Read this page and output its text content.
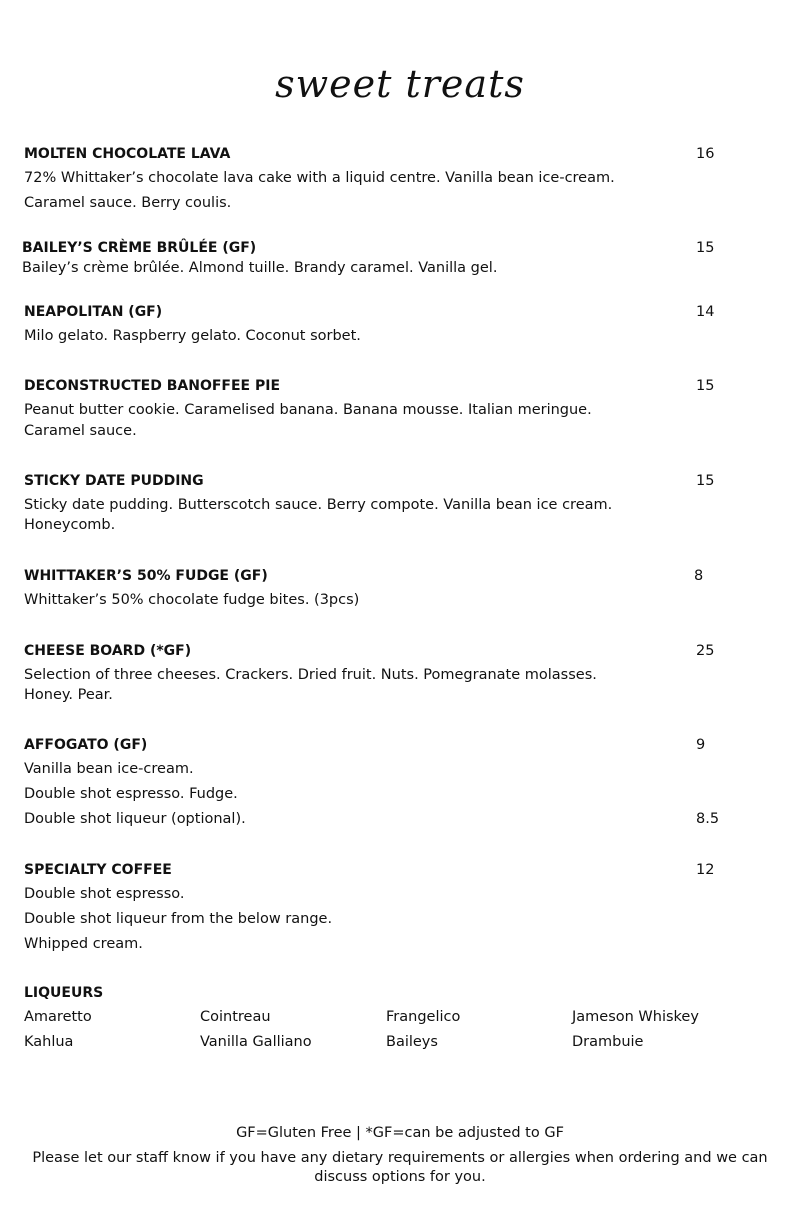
sweet treats
MOLTEN CHOCOLATE LAVA	16
72% Whittaker’s chocolate lava cake with a liquid centre. Vanilla bean ice-cream.
Caramel sauce. Berry coulis.
BAILEY’S CRÈME BRÛLÉE (GF)	15
Bailey’s crème brûlée. Almond tuille. Brandy caramel. Vanilla gel.
NEAPOLITAN (GF)	14
Milo gelato. Raspberry gelato. Coconut sorbet.
DECONSTRUCTED BANOFFEE PIE	15
Peanut butter cookie. Caramelised banana. Banana mousse. Italian meringue.
Caramel sauce.
STICKY DATE PUDDING	15
Sticky date pudding. Butterscotch sauce. Berry compote. Vanilla bean ice cream.
Honeycomb.
WHITTAKER’S 50% FUDGE (GF)	8
Whittaker’s 50% chocolate fudge bites. (3pcs)
CHEESE BOARD (*GF)	25
Selection of three cheeses. Crackers. Dried fruit. Nuts. Pomegranate molasses.
Honey. Pear.
AFFOGATO (GF)	9
Vanilla bean ice-cream.
Double shot espresso. Fudge.
Double shot liqueur (optional).	8.5
SPECIALTY COFFEE	12
Double shot espresso.
Double shot liqueur from the below range.
Whipped cream.
LIQUEURS
Amaretto	Cointreau	Frangelico	Jameson Whiskey
Kahlua	Vanilla Galliano	Baileys	Drambuie
GF=Gluten Free | *GF=can be adjusted to GF
Please let our staff know if you have any dietary requirements or allergies when ordering and we can discuss options for you.
